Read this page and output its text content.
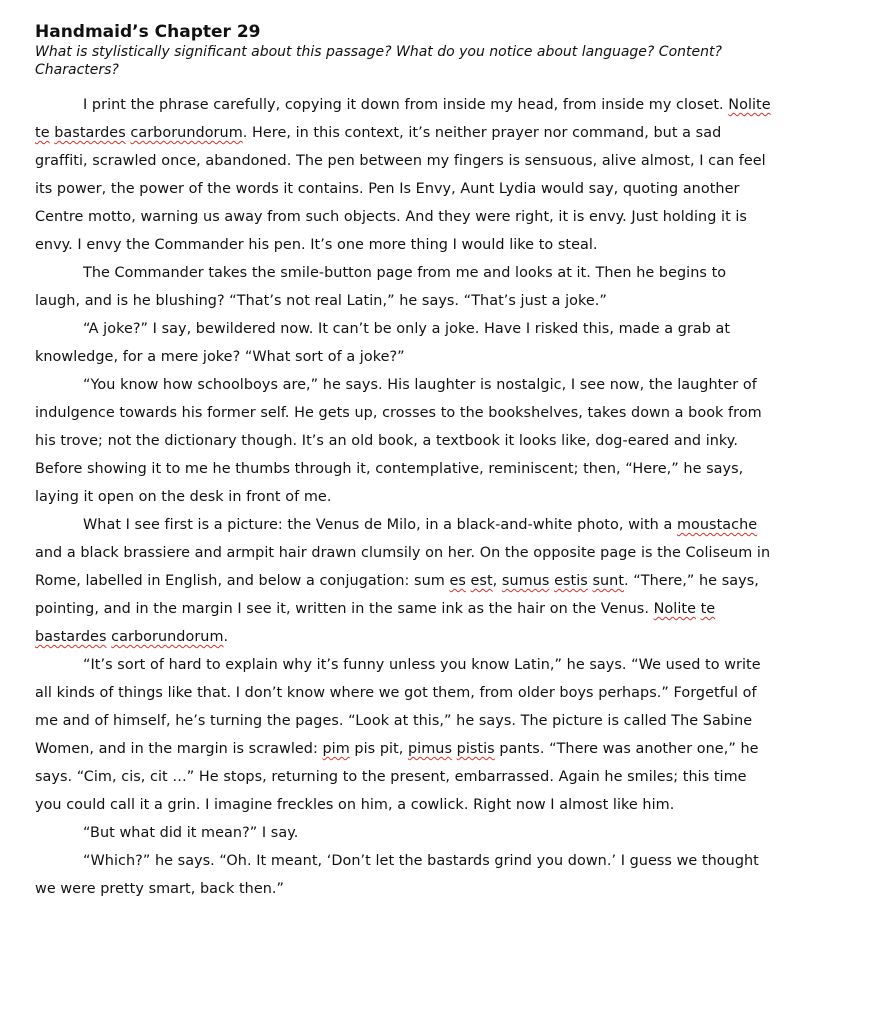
Handmaid’s Chapter 29

What is stylistically significant about this passage? What do you notice about language? Content? Characters?

I print the phrase carefully, copying it down from inside my head, from inside my closet. Nolite te bastardes carborundorum. Here, in this context, it’s neither prayer nor command, but a sad graffiti, scrawled once, abandoned. The pen between my fingers is sensuous, alive almost, I can feel its power, the power of the words it contains. Pen Is Envy, Aunt Lydia would say, quoting another Centre motto, warning us away from such objects. And they were right, it is envy. Just holding it is envy. I envy the Commander his pen. It’s one more thing I would like to steal.

The Commander takes the smile-button page from me and looks at it. Then he begins to laugh, and is he blushing? “That’s not real Latin,” he says. “That’s just a joke.”

“A joke?” I say, bewildered now. It can’t be only a joke. Have I risked this, made a grab at knowledge, for a mere joke? “What sort of a joke?”

“You know how schoolboys are,” he says. His laughter is nostalgic, I see now, the laughter of indulgence towards his former self. He gets up, crosses to the bookshelves, takes down a book from his trove; not the dictionary though. It’s an old book, a textbook it looks like, dog-eared and inky. Before showing it to me he thumbs through it, contemplative, reminiscent; then, “Here,” he says, laying it open on the desk in front of me.

What I see first is a picture: the Venus de Milo, in a black-and-white photo, with a moustache and a black brassiere and armpit hair drawn clumsily on her. On the opposite page is the Coliseum in Rome, labelled in English, and below a conjugation: sum es est, sumus estis sunt. “There,” he says, pointing, and in the margin I see it, written in the same ink as the hair on the Venus. Nolite te bastardes carborundorum.

“It’s sort of hard to explain why it’s funny unless you know Latin,” he says. “We used to write all kinds of things like that. I don’t know where we got them, from older boys perhaps.” Forgetful of me and of himself, he’s turning the pages. “Look at this,” he says. The picture is called The Sabine Women, and in the margin is scrawled: pim pis pit, pimus pistis pants. “There was another one,” he says. “Cim, cis, cit …” He stops, returning to the present, embarrassed. Again he smiles; this time you could call it a grin. I imagine freckles on him, a cowlick. Right now I almost like him.

“But what did it mean?” I say.

“Which?” he says. “Oh. It meant, ‘Don’t let the bastards grind you down.’ I guess we thought we were pretty smart, back then.”
